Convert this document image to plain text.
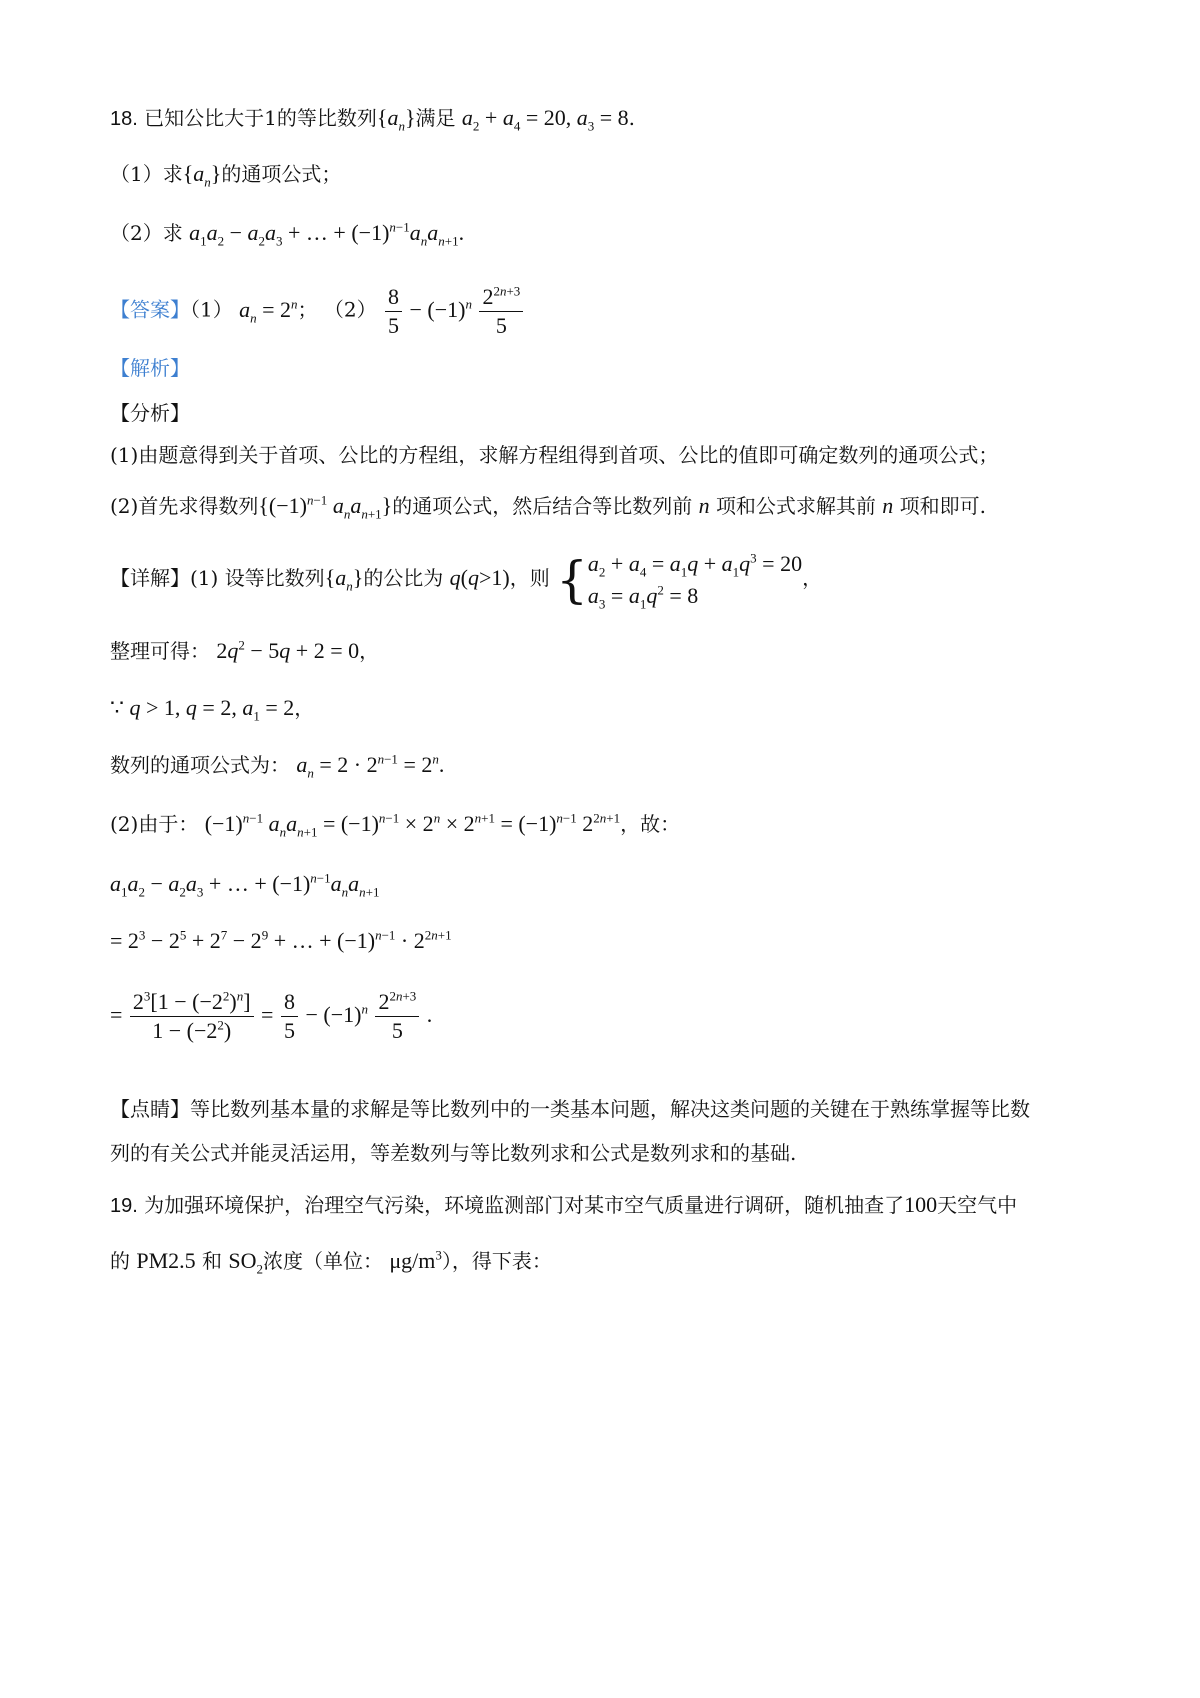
18. 已知公比大于1的等比数列$\{a_n\}$满足 $a_2 + a_4 = 20$, $a_3 = 8$.
（1）求$\{a_n\}$的通项公式；
（2）求 $a_1a_2 - a_2a_3$ + … + $(-1)^{n-1}a_na_{n+1}$.
【答案】（1） $a_n = 2^n$； $(2) \frac{8}{5} - (-1)^n \frac{2^{2n+3}}{5}$
【解析】
【分析】
(1)由题意得到关于首项、公比的方程组，求解方程组得到首项、公比的值即可确定数列的通项公式；
(2)首先求得数列{$(-1)^{n-1}$ $a_na_{n+1}$}的通项公式，然后结合等比数列前 n 项和公式求解其前 n 项和即可.
【详解】(1) 设等比数列$\{a_n\}$的公比为 q(q>1)，则 { $a_2 + a_4 = a_1q + a_1q^3 = 20$
$a_3 = a_1q^2 = 8$
，
整理可得： $2q^2 - 5q + 2 = 0$，
∵ q > 1, q = 2, $a_1 = 2$，
数列的通项公式为： $a_n = 2 \cdot 2^{n-1} = 2^n$.
(2)由于： $(-1)^{n-1}$ $a_na_{n+1} = (-1)^{n-1} \times 2^n \times 2^{n+1} = (-1)^{n-1}$ $2^{2n+1}$，故：
$a_1a_2 - a_2a_3$ + … + $(-1)^{n-1}a_na_{n+1}$
= $2^3 - 2^5 + 2^7 - 2^9$ + … + $(-1)^{n-1} \cdot 2^{2n+1}$
= $\frac{2^3[1 - (-2^2)^n]}{1 - (-2^2)} = \frac{8}{5} - (-1)^n \frac{2^{2n+3}}{5}$ .
【点睛】等比数列基本量的求解是等比数列中的一类基本问题，解决这类问题的关键在于熟练掌握等比数
列的有关公式并能灵活运用，等差数列与等比数列求和公式是数列求和的基础.
19. 为加强环境保护，治理空气污染，环境监测部门对某市空气质量进行调研，随机抽查了100天空气中
的 PM2.5 和 $SO_2$浓度（单位： $\mu g/m^3$），得下表：
